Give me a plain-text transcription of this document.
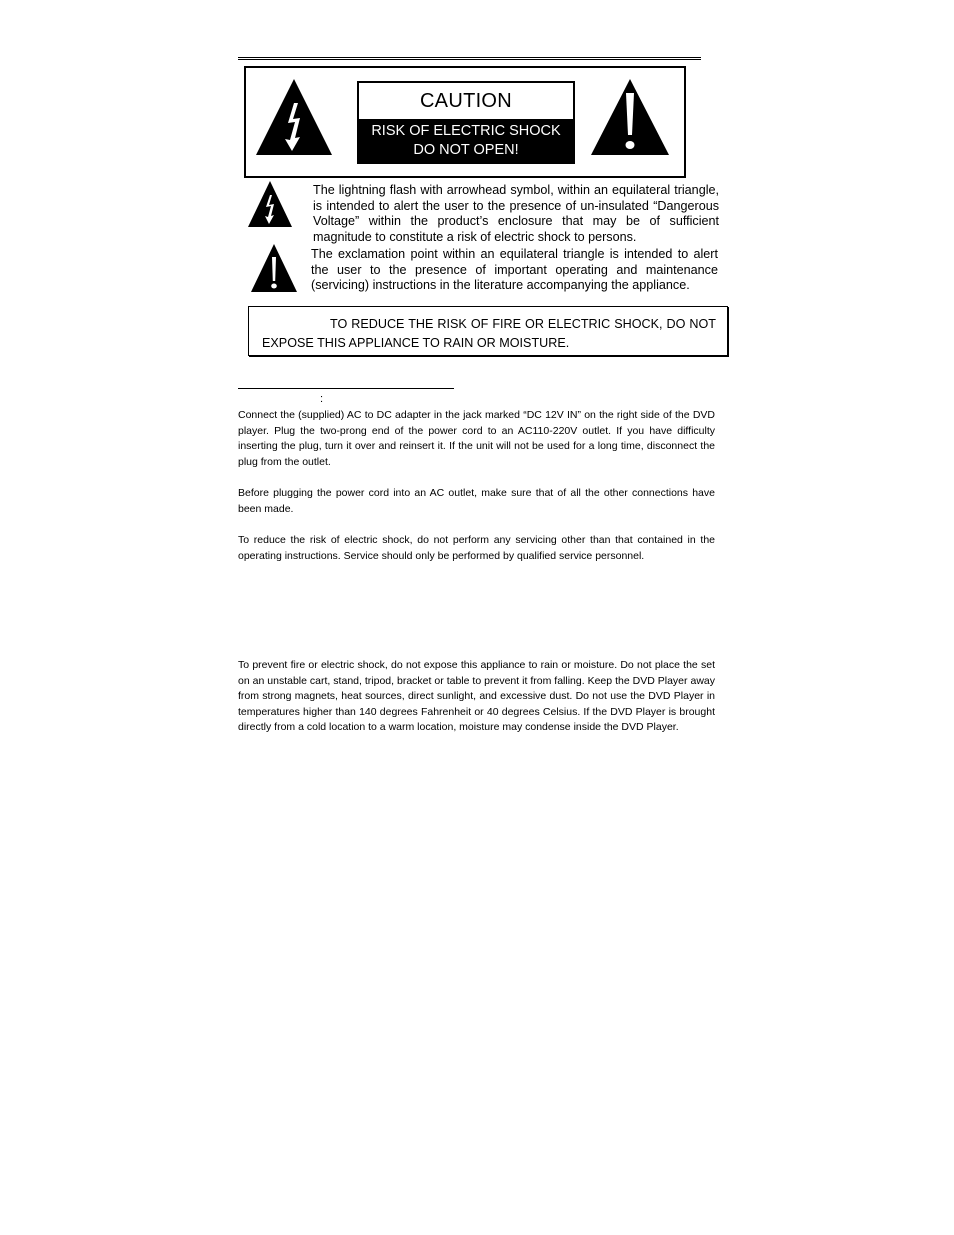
CAUTION
RISK OF ELECTRIC SHOCK
DO NOT OPEN!
The lightning flash with arrowhead symbol, within an equilateral triangle, is intended to alert the user to the presence of un-insulated “Dangerous Voltage” within the product’s enclosure that may be of sufficient magnitude to constitute a risk of electric shock to persons.
The exclamation point within an equilateral triangle is intended to alert the user to the presence of important operating and maintenance (servicing) instructions in the literature accompanying the appliance.
TO REDUCE THE RISK OF FIRE OR ELECTRIC SHOCK, DO NOT EXPOSE THIS APPLIANCE TO RAIN OR MOISTURE.
:
Connect the (supplied) AC to DC adapter in the jack marked “DC 12V IN” on the right side of the DVD player. Plug the two-prong end of the power cord to an AC110-220V outlet. If you have difficulty inserting the plug, turn it over and reinsert it. If the unit will not be used for a long time, disconnect the plug from the outlet.
Before plugging the power cord into an AC outlet, make sure that of all the other connections have been made.
To reduce the risk of electric shock, do not perform any servicing other than that contained in the operating instructions. Service should only be performed by qualified service personnel.
To prevent fire or electric shock, do not expose this appliance to rain or moisture. Do not place the set on an unstable cart, stand, tripod, bracket or table to prevent it from falling. Keep the DVD Player away from strong magnets, heat sources, direct sunlight, and excessive dust. Do not use the DVD Player in temperatures higher than 140 degrees Fahrenheit or 40 degrees Celsius. If the DVD Player is brought directly from a cold location to a warm location, moisture may condense inside the DVD Player.
